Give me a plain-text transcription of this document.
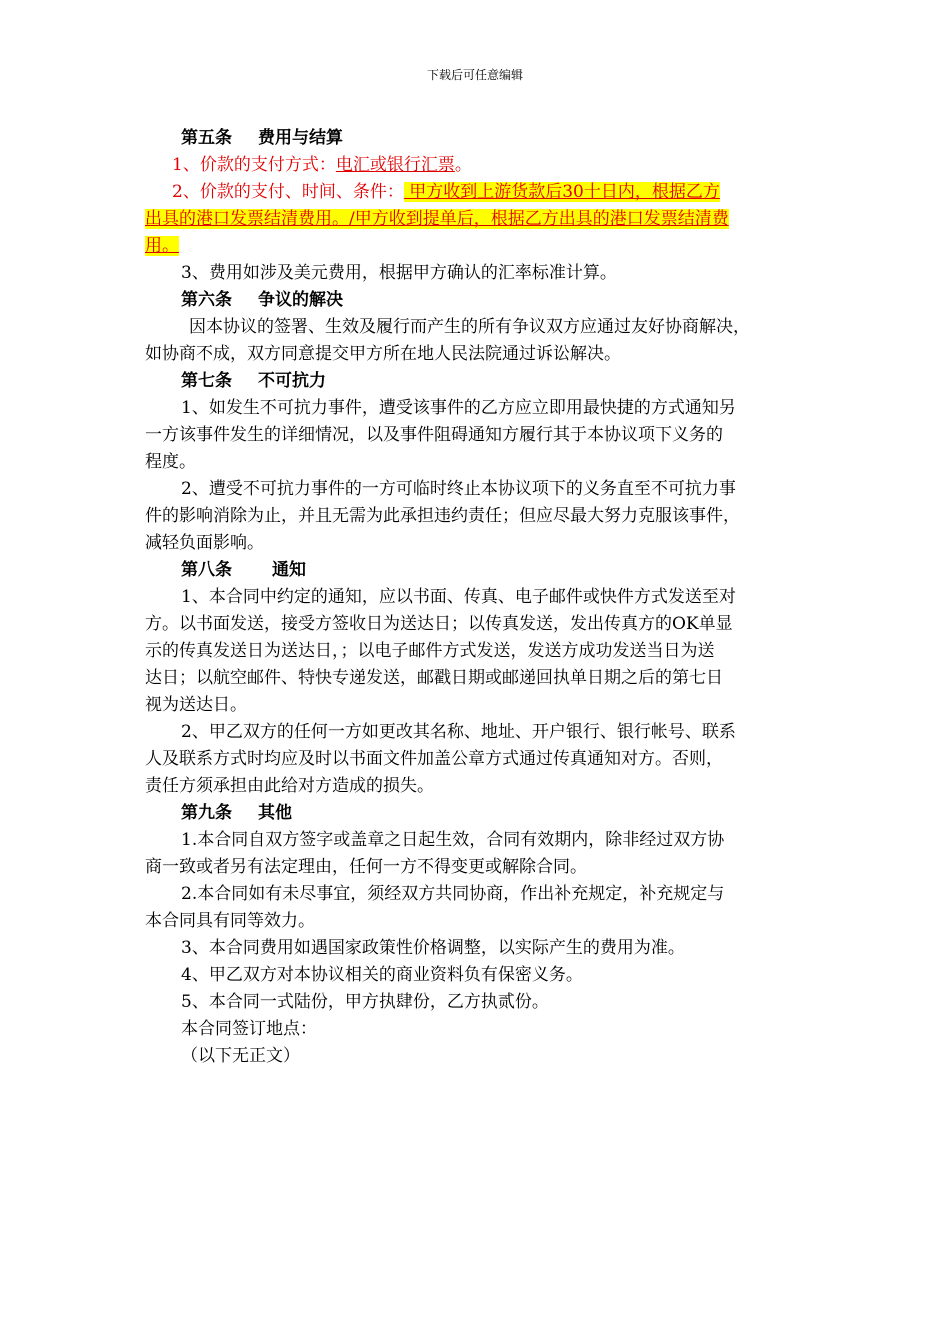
下载后可任意编辑
第五条 费用与结算
1、价款的支付方式：电汇或银行汇票。
2、价款的支付、时间、条件： 甲方收到上游货款后30十日内，根据乙方
出具的港口发票结清费用。/甲方收到提单后，根据乙方出具的港口发票结清费
用。
3、费用如涉及美元费用，根据甲方确认的汇率标准计算。
第六条 争议的解决
因本协议的签署、生效及履行而产生的所有争议双方应通过友好协商解决，
如协商不成，双方同意提交甲方所在地人民法院通过诉讼解决。
第七条 不可抗力
1、如发生不可抗力事件，遭受该事件的乙方应立即用最快捷的方式通知另
一方该事件发生的详细情况，以及事件阻碍通知方履行其于本协议项下义务的
程度。
2、遭受不可抗力事件的一方可临时终止本协议项下的义务直至不可抗力事
件的影响消除为止，并且无需为此承担违约责任；但应尽最大努力克服该事件，
减轻负面影响。
第八条 通知
1、本合同中约定的通知，应以书面、传真、电子邮件或快件方式发送至对
方。以书面发送，接受方签收日为送达日；以传真发送，发出传真方的OK单显
示的传真发送日为送达日，；以电子邮件方式发送，发送方成功发送当日为送
达日；以航空邮件、特快专递发送，邮戳日期或邮递回执单日期之后的第七日
视为送达日。
2、甲乙双方的任何一方如更改其名称、地址、开户银行、银行帐号、联系
人及联系方式时均应及时以书面文件加盖公章方式通过传真通知对方。否则，
责任方须承担由此给对方造成的损失。
第九条 其他
1.本合同自双方签字或盖章之日起生效，合同有效期内，除非经过双方协
商一致或者另有法定理由，任何一方不得变更或解除合同。
2.本合同如有未尽事宜，须经双方共同协商，作出补充规定，补充规定与
本合同具有同等效力。
3、本合同费用如遇国家政策性价格调整，以实际产生的费用为准。
4、甲乙双方对本协议相关的商业资料负有保密义务。
5、本合同一式陆份，甲方执肆份，乙方执贰份。
本合同签订地点：
（以下无正文）
